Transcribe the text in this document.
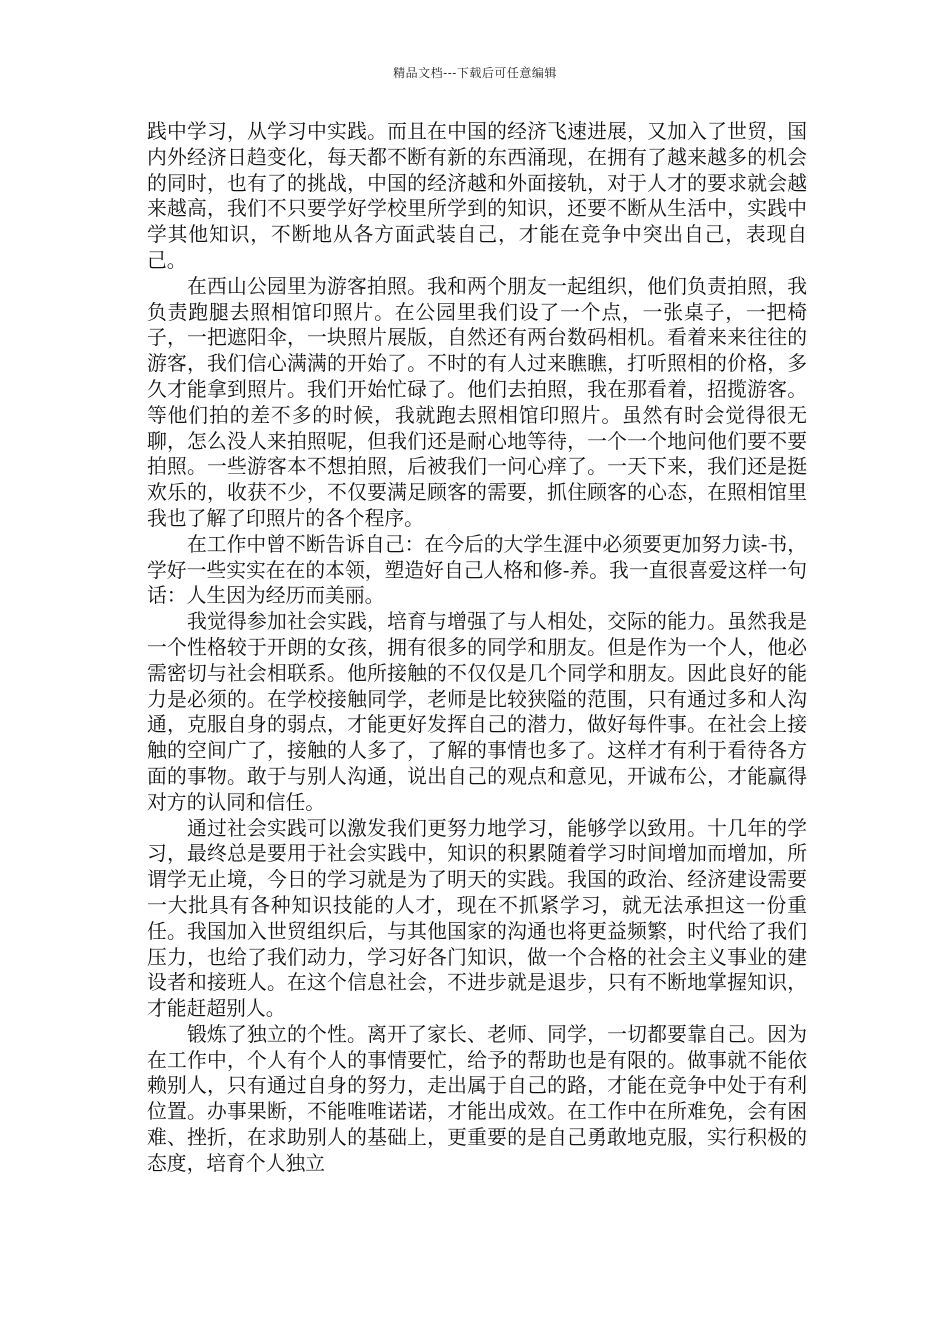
精品文档---下载后可任意编辑

践中学习，从学习中实践。而且在中国的经济飞速进展，又加入了世贸，国内外经济日趋变化，每天都不断有新的东西涌现，在拥有了越来越多的机会的同时，也有了的挑战，中国的经济越和外面接轨，对于人才的要求就会越来越高，我们不只要学好学校里所学到的知识，还要不断从生活中，实践中学其他知识，不断地从各方面武装自己，才能在竞争中突出自己，表现自己。

在西山公园里为游客拍照。我和两个朋友一起组织，他们负责拍照，我负责跑腿去照相馆印照片。在公园里我们设了一个点，一张桌子，一把椅子，一把遮阳伞，一块照片展版，自然还有两台数码相机。看着来来往往的游客，我们信心满满的开始了。不时的有人过来瞧瞧，打听照相的价格，多久才能拿到照片。我们开始忙碌了。他们去拍照，我在那看着，招揽游客。等他们拍的差不多的时候，我就跑去照相馆印照片。虽然有时会觉得很无聊，怎么没人来拍照呢，但我们还是耐心地等待，一个一个地问他们要不要拍照。一些游客本不想拍照，后被我们一问心痒了。一天下来，我们还是挺欢乐的，收获不少，不仅要满足顾客的需要，抓住顾客的心态，在照相馆里我也了解了印照片的各个程序。

在工作中曾不断告诉自己：在今后的大学生涯中必须要更加努力读-书，学好一些实实在在的本领，塑造好自己人格和修-养。我一直很喜爱这样一句话：人生因为经历而美丽。

我觉得参加社会实践，培育与增强了与人相处，交际的能力。虽然我是一个性格较于开朗的女孩，拥有很多的同学和朋友。但是作为一个人，他必需密切与社会相联系。他所接触的不仅仅是几个同学和朋友。因此良好的能力是必须的。在学校接触同学，老师是比较狭隘的范围，只有通过多和人沟通，克服自身的弱点，才能更好发挥自己的潜力，做好每件事。在社会上接触的空间广了，接触的人多了，了解的事情也多了。这样才有利于看待各方面的事物。敢于与别人沟通，说出自己的观点和意见，开诚布公，才能赢得对方的认同和信任。

通过社会实践可以激发我们更努力地学习，能够学以致用。十几年的学习，最终总是要用于社会实践中，知识的积累随着学习时间增加而增加，所谓学无止境，今日的学习就是为了明天的实践。我国的政治、经济建设需要一大批具有各种知识技能的人才，现在不抓紧学习，就无法承担这一份重任。我国加入世贸组织后，与其他国家的沟通也将更益频繁，时代给了我们压力，也给了我们动力，学习好各门知识，做一个合格的社会主义事业的建设者和接班人。在这个信息社会，不进步就是退步，只有不断地掌握知识，才能赶超别人。

锻炼了独立的个性。离开了家长、老师、同学，一切都要靠自己。因为在工作中，个人有个人的事情要忙，给予的帮助也是有限的。做事就不能依赖别人，只有通过自身的努力，走出属于自己的路，才能在竞争中处于有利位置。办事果断，不能唯唯诺诺，才能出成效。在工作中在所难免，会有困难、挫折，在求助别人的基础上，更重要的是自己勇敢地克服，实行积极的态度，培育个人独立
